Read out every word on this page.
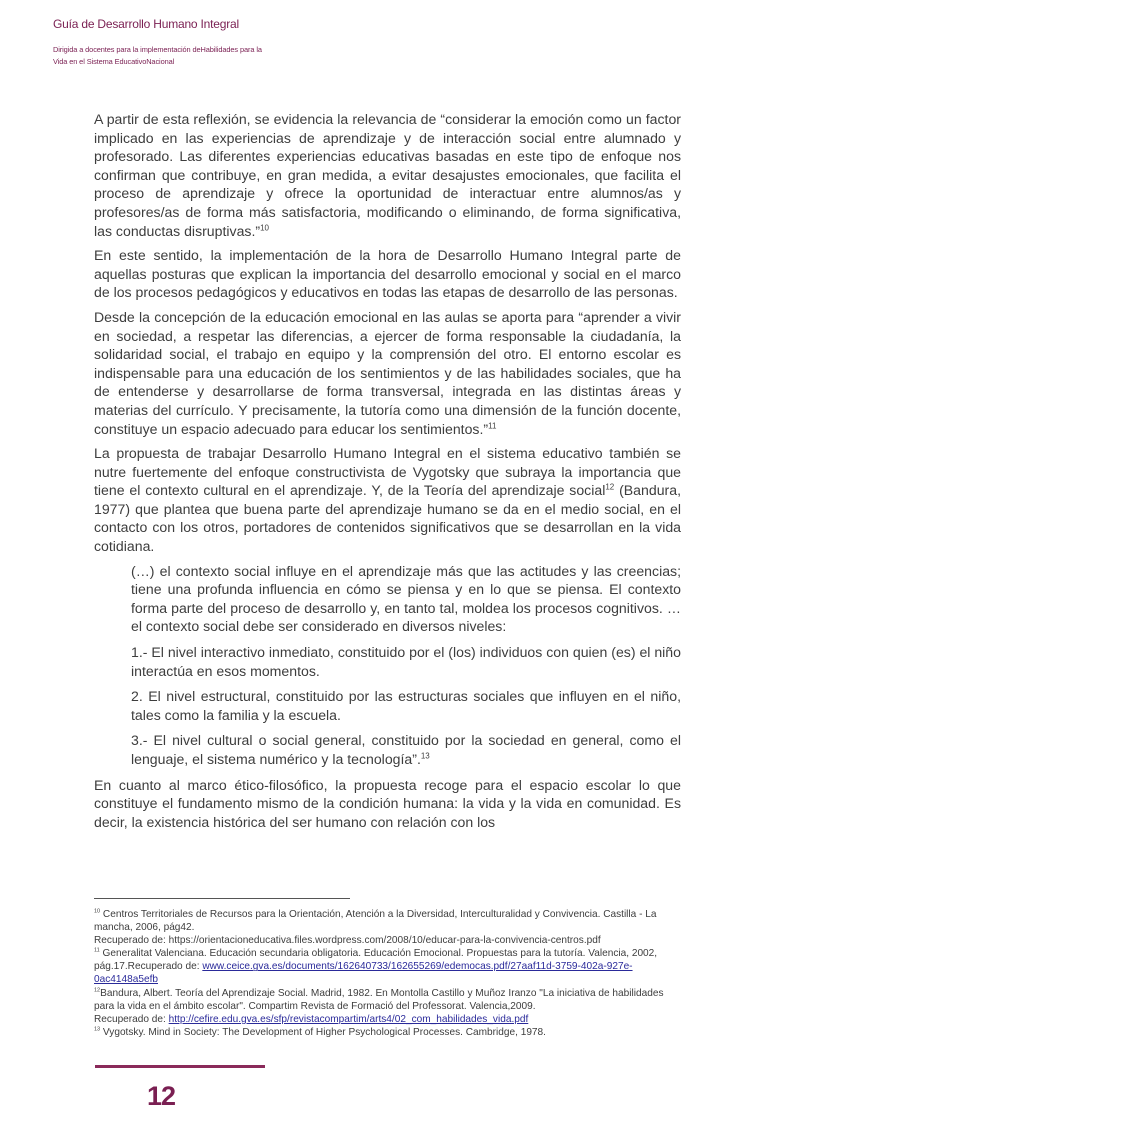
Guía de Desarrollo Humano Integral
Dirigida a docentes para la implementación deHabilidades para la
Vida en el Sistema EducativoNacional

A partir de esta reflexión, se evidencia la relevancia de “considerar la emoción como un factor implicado en las experiencias de aprendizaje y de interacción social entre alumnado y profesorado. Las diferentes experiencias educativas basadas en este tipo de enfoque nos confirman que contribuye, en gran medida, a evitar desajustes emocionales, que facilita el proceso de aprendizaje y ofrece la oportunidad de interactuar entre alumnos/as y profesores/as de forma más satisfactoria, modificando o eliminando, de forma significativa, las conductas disruptivas.”$^{10}$

En este sentido, la implementación de la hora de Desarrollo Humano Integral parte de aquellas posturas que explican la importancia del desarrollo emocional y social en el marco de los procesos pedagógicos y educativos en todas las etapas de desarrollo de las personas.

Desde la concepción de la educación emocional en las aulas se aporta para “aprender a vivir en sociedad, a respetar las diferencias, a ejercer de forma responsable la ciudadanía, la solidaridad social, el trabajo en equipo y la comprensión del otro. El entorno escolar es indispensable para una educación de los sentimientos y de las habilidades sociales, que ha de entenderse y desarrollarse de forma transversal, integrada en las distintas áreas y materias del currículo. Y precisamente, la tutoría como una dimensión de la función docente, constituye un espacio adecuado para educar los sentimientos.”$^{11}$

La propuesta de trabajar Desarrollo Humano Integral en el sistema educativo también se nutre fuertemente del enfoque constructivista de Vygotsky que subraya la importancia que tiene el contexto cultural en el aprendizaje. Y, de la Teoría del aprendizaje social$^{12}$ (Bandura, 1977) que plantea que buena parte del aprendizaje humano se da en el medio social, en el contacto con los otros, portadores de contenidos significativos que se desarrollan en la vida cotidiana.

(…) el contexto social influye en el aprendizaje más que las actitudes y las creencias; tiene una profunda influencia en cómo se piensa y en lo que se piensa. El contexto forma parte del proceso de desarrollo y, en tanto tal, moldea los procesos cognitivos. … el contexto social debe ser considerado en diversos niveles:

1.- El nivel interactivo inmediato, constituido por el (los) individuos con quien (es) el niño interactúa en esos momentos.

2. El nivel estructural, constituido por las estructuras sociales que influyen en el niño, tales como la familia y la escuela.

3.- El nivel cultural o social general, constituido por la sociedad en general, como el lenguaje, el sistema numérico y la tecnología”.$^{13}$

En cuanto al marco ético-filosófico, la propuesta recoge para el espacio escolar lo que constituye el fundamento mismo de la condición humana: la vida y la vida en comunidad. Es decir, la existencia histórica del ser humano con relación con los

$^{10}$ Centros Territoriales de Recursos para la Orientación, Atención a la Diversidad, Interculturalidad y Convivencia. Castilla - La mancha, 2006, pág42.
Recuperado de: https://orientacioneducativa.files.wordpress.com/2008/10/educar-para-la-convivencia-centros.pdf

$^{11}$ Generalitat Valenciana. Educación secundaria obligatoria. Educación Emocional. Propuestas para la tutoría. Valencia, 2002, pág.17.Recuperado de: www.ceice.gva.es/documents/162640733/162655269/edemocas.pdf/27aaf11d-3759-402a-927e-0ac4148a5efb

$^{12}$Bandura, Albert. Teoría del Aprendizaje Social. Madrid, 1982. En Montolla Castillo y Muñoz Iranzo "La iniciativa de habilidades para la vida en el ámbito escolar". Compartim Revista de Formació del Professorat. Valencia,2009.
Recuperado de: http://cefire.edu.gva.es/sfp/revistacompartim/arts4/02_com_habilidades_vida.pdf

$^{13}$ Vygotsky. Mind in Society: The Development of Higher Psychological Processes. Cambridge, 1978.

12
